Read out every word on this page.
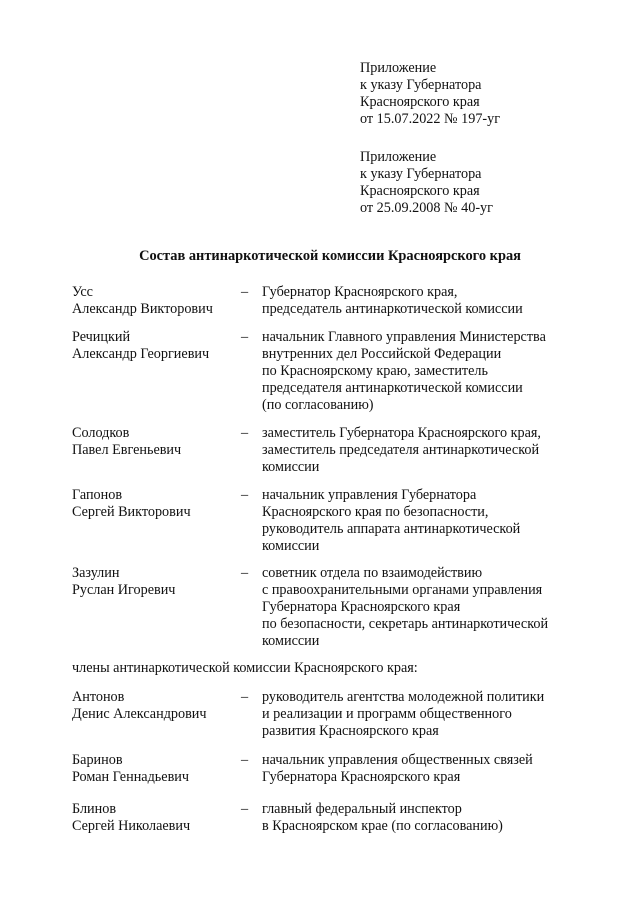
Приложение
к указу Губернатора
Красноярского края
от 15.07.2022 № 197-уг
Приложение
к указу Губернатора
Красноярского края
от 25.09.2008 № 40-уг
Состав антинаркотической комиссии Красноярского края
Усс
Александр Викторович
– Губернатор Красноярского края,
председатель антинаркотической комиссии
Речицкий
Александр Георгиевич
– начальник Главного управления Министерства
внутренних дел Российской Федерации
по Красноярскому краю, заместитель
председателя антинаркотической комиссии
(по согласованию)
Солодков
Павел Евгеньевич
– заместитель Губернатора Красноярского края,
заместитель председателя антинаркотической
комиссии
Гапонов
Сергей Викторович
– начальник управления Губернатора
Красноярского края по безопасности,
руководитель аппарата антинаркотической
комиссии
Зазулин
Руслан Игоревич
– советник отдела по взаимодействию
с правоохранительными органами управления
Губернатора Красноярского края
по безопасности, секретарь антинаркотической
комиссии
члены антинаркотической комиссии Красноярского края:
Антонов
Денис Александрович
– руководитель агентства молодежной политики
и реализации и программ общественного
развития Красноярского края
Баринов
Роман Геннадьевич
– начальник управления общественных связей
Губернатора Красноярского края
Блинов
Сергей Николаевич
– главный федеральный инспектор
в Красноярском крае (по согласованию)
